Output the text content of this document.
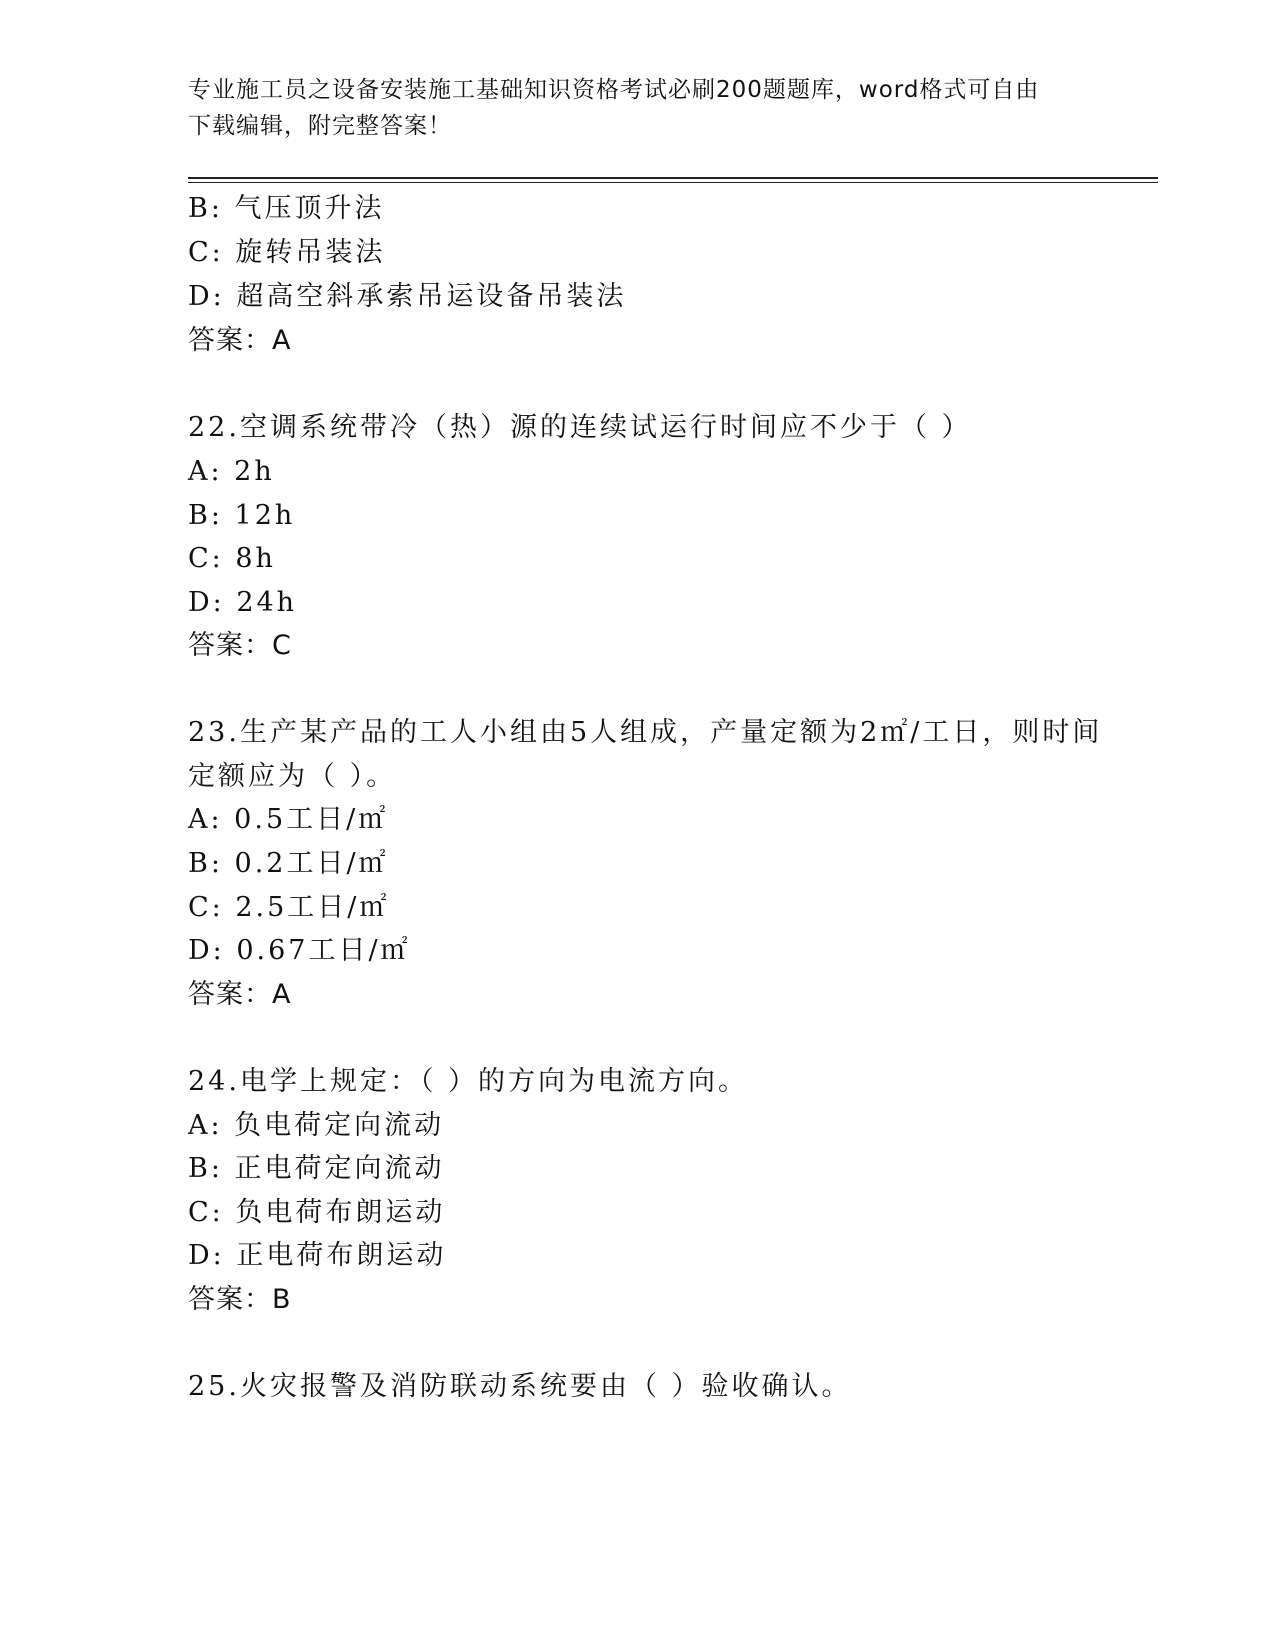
专业施工员之设备安装施工基础知识资格考试必刷200题题库，word格式可自由
下载编辑，附完整答案！
B: 气压顶升法
C: 旋转吊装法
D: 超高空斜承索吊运设备吊装法
答案：A
22.空调系统带冷（热）源的连续试运行时间应不少于（ ）
A: 2h
B: 12h
C: 8h
D: 24h
答案：C
23.生产某产品的工人小组由5人组成，产量定额为2㎡/工日，则时间
定额应为（ ）。
A: 0.5工日/㎡
B: 0.2工日/㎡
C: 2.5工日/㎡
D: 0.67工日/㎡
答案：A
24.电学上规定：（ ）的方向为电流方向。
A: 负电荷定向流动
B: 正电荷定向流动
C: 负电荷布朗运动
D: 正电荷布朗运动
答案：B
25.火灾报警及消防联动系统要由（ ）验收确认。
